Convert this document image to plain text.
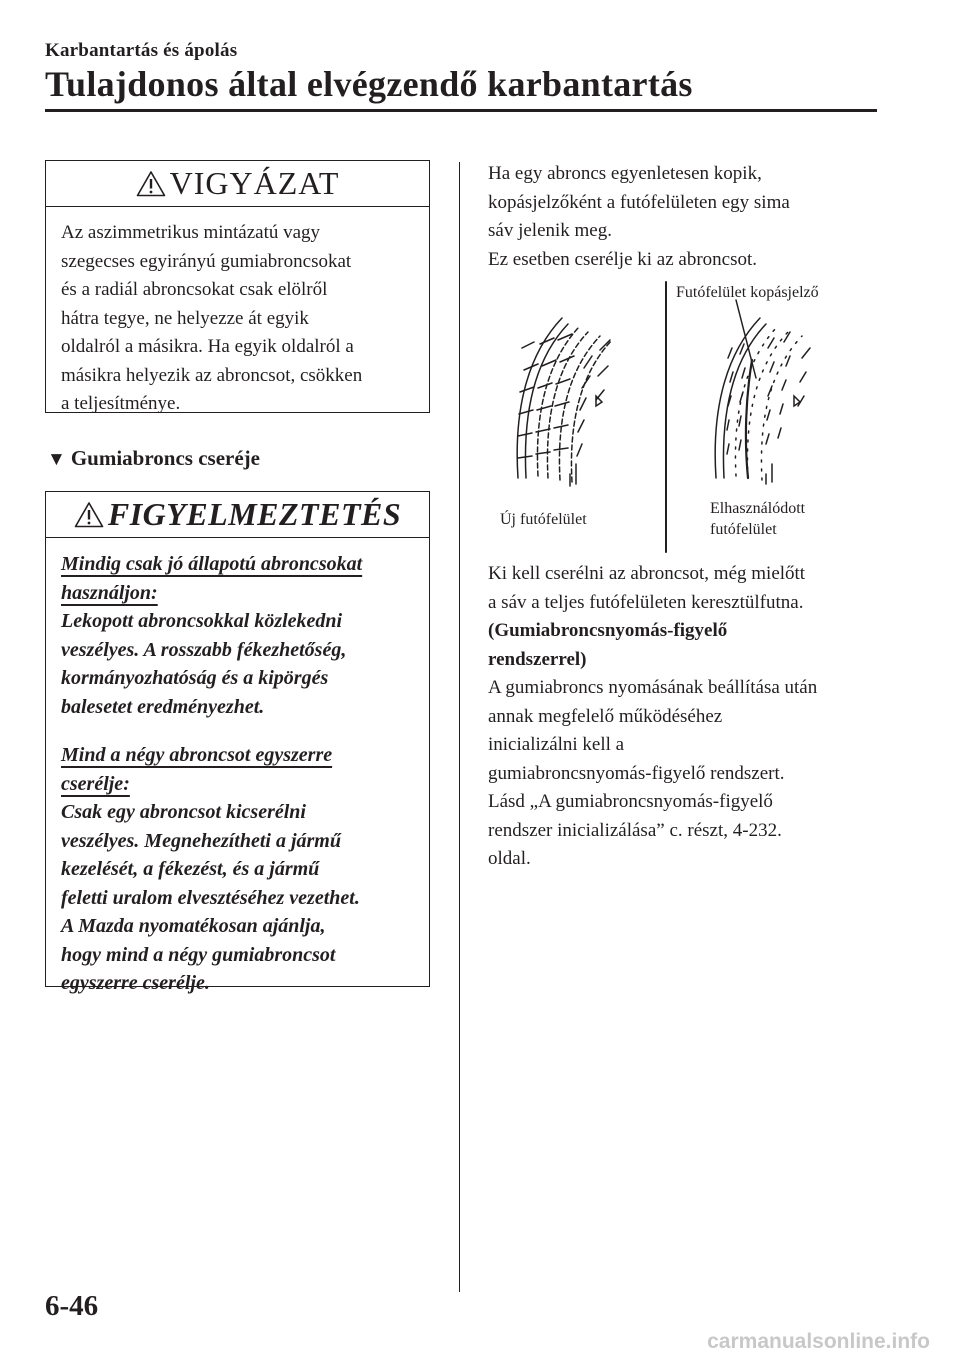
Karbantartás és ápolás
Tulajdonos által elvégzendő karbantartás
VIGYÁZAT

Az aszimmetrikus mintázatú vagy

szegecses egyirányú gumiabroncsokat

és a radiál abroncsokat csak elölről

hátra tegye, ne helyezze át egyik

oldalról a másikra. Ha egyik oldalról a

másikra helyezik az abroncsot, csökken

a teljesítménye.

▼ Gumiabroncs cseréje
FIGYELMEZTETÉS

Mindig csak jó állapotú abroncsokat

használjon:

Lekopott abroncsokkal közlekedni

veszélyes. A rosszabb fékezhetőség,

kormányozhatóság és a kipörgés

balesetet eredményezhet.

Mind a négy abroncsot egyszerre

cserélje:

Csak egy abroncsot kicserélni

veszélyes. Megnehezítheti a jármű

kezelését, a fékezést, és a jármű

feletti uralom elvesztéséhez vezethet.

A Mazda nyomatékosan ajánlja,

hogy mind a négy gumiabroncsot

egyszerre cserélje.

Ha egy abroncs egyenletesen kopik,

kopásjelzőként a futófelületen egy sima

sáv jelenik meg.

Ez esetben cserélje ki az abroncsot.

Futófelület kopásjelző
Új futófelület
Elhasználódott
futófelület

Ki kell cserélni az abroncsot, még mielőtt

a sáv a teljes futófelületen keresztülfutna.

(Gumiabroncsnyomás-figyelő

rendszerrel)

A gumiabroncs nyomásának beállítása után

annak megfelelő működéséhez

inicializálni kell a

gumiabroncsnyomás-figyelő rendszert.

Lásd „A gumiabroncsnyomás-figyelő

rendszer inicializálása” c. részt, 4-232.

oldal.

6-46
carmanualsonline.info
